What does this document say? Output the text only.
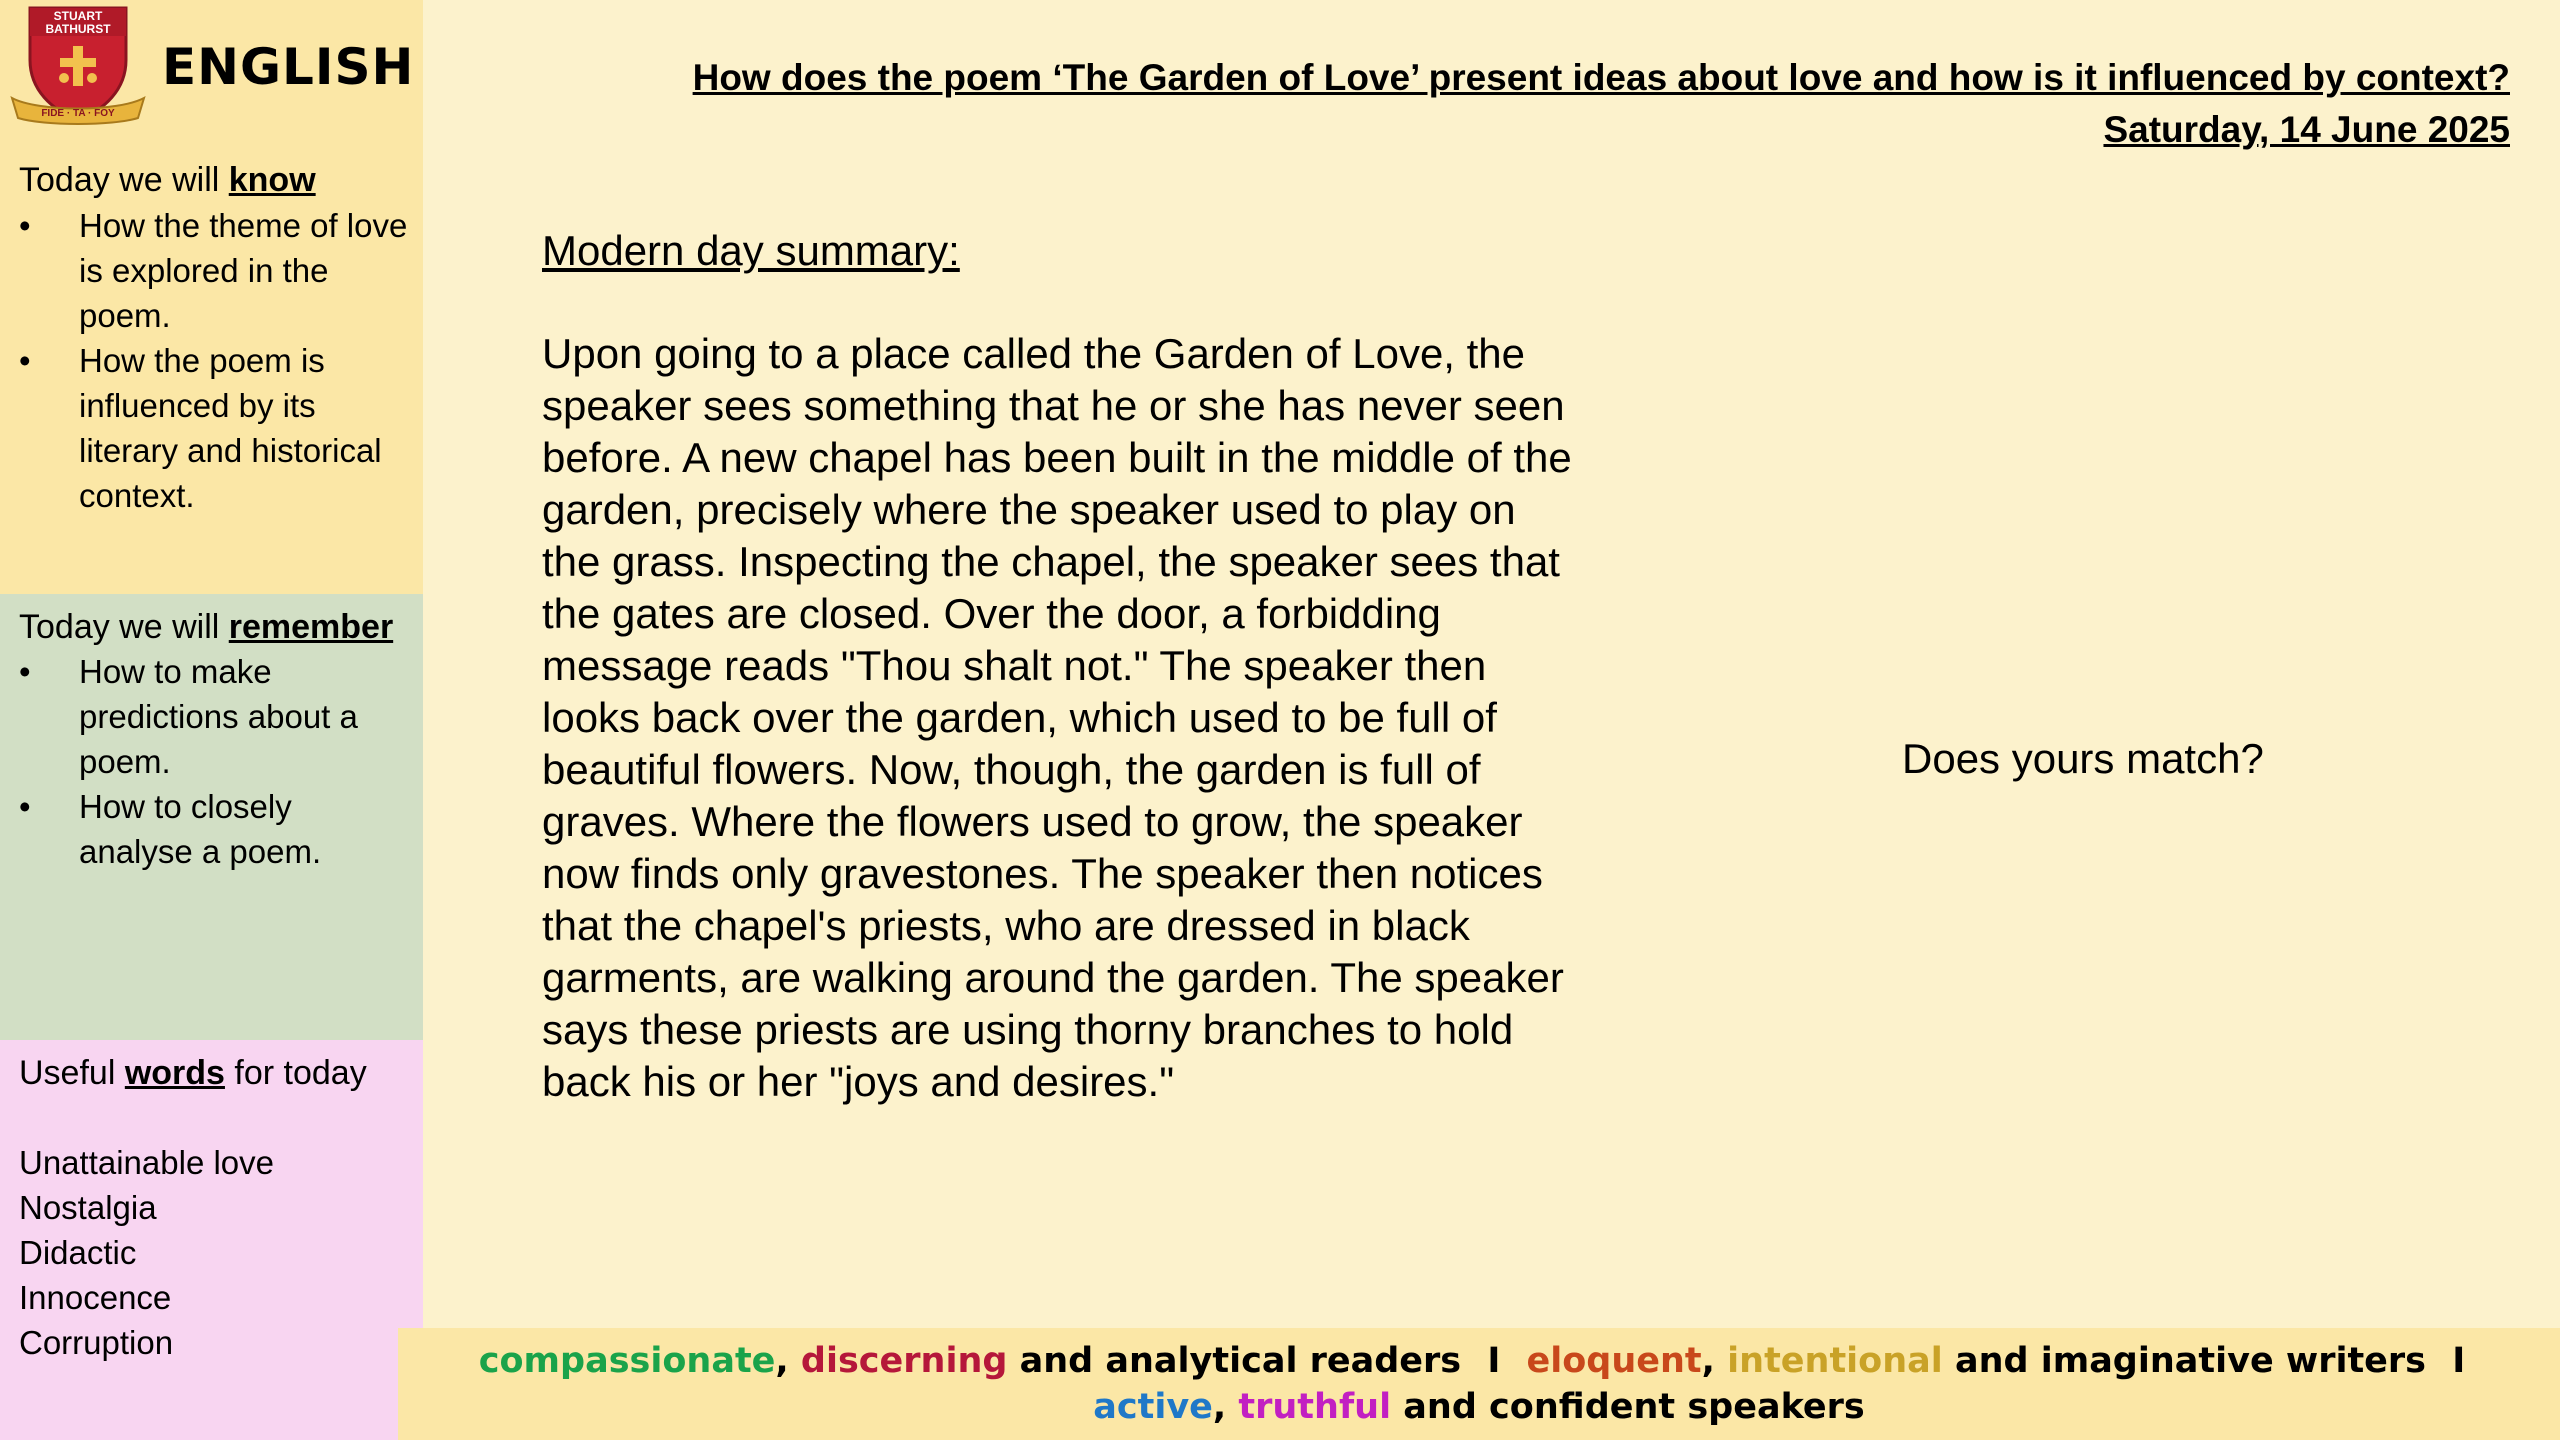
STUART
BATHURST
FIDE · TA · FOY
ENGLISH
Today we will know
• How the theme of love is explored in the poem.
• How the poem is influenced by its literary and historical context.
Today we will remember
• How to make predictions about a poem.
• How to closely analyse a poem.
Useful words for today
Unattainable love
Nostalgia
Didactic
Innocence
Corruption
How does the poem ‘The Garden of Love’ present ideas about love and how is it influenced by context?
Saturday, 14 June 2025
Modern day summary:
Upon going to a place called the Garden of Love, the speaker sees something that he or she has never seen before. A new chapel has been built in the middle of the garden, precisely where the speaker used to play on the grass. Inspecting the chapel, the speaker sees that the gates are closed. Over the door, a forbidding message reads "Thou shalt not." The speaker then looks back over the garden, which used to be full of beautiful flowers. Now, though, the garden is full of graves. Where the flowers used to grow, the speaker now finds only gravestones. The speaker then notices that the chapel's priests, who are dressed in black garments, are walking around the garden. The speaker says these priests are using thorny branches to hold back his or her "joys and desires."
Does yours match?
compassionate, discerning and analytical readers I eloquent, intentional and imaginative writers I
active, truthful and confident speakers
